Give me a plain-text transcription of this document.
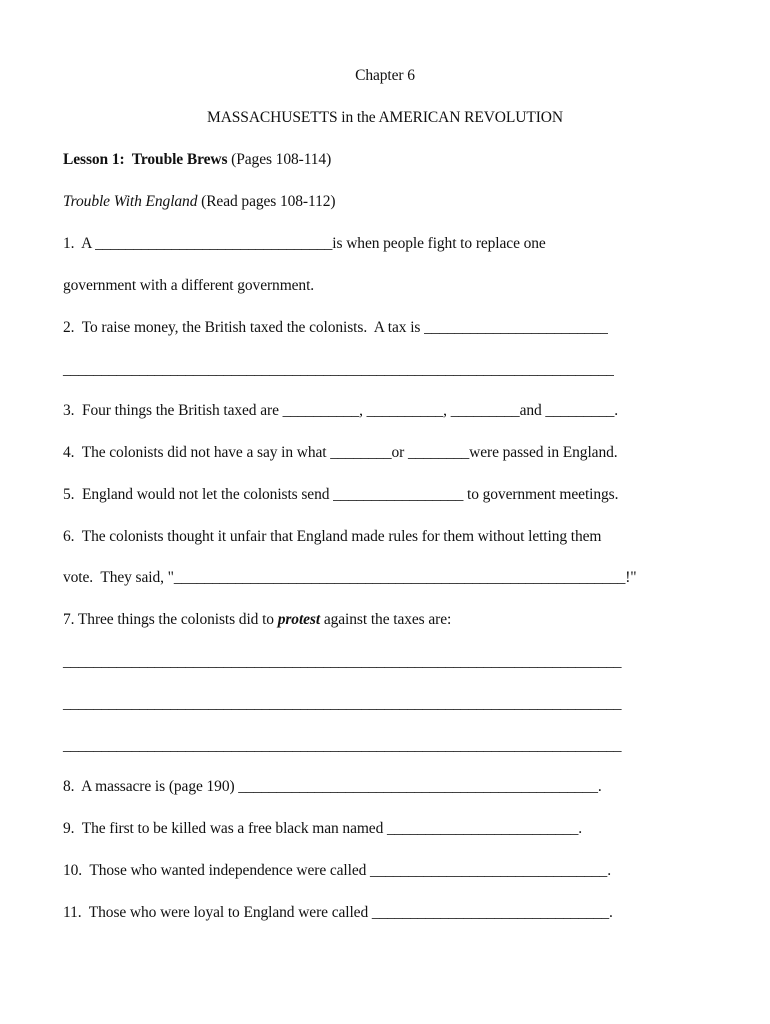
Chapter 6
MASSACHUSETTS in the AMERICAN REVOLUTION
Lesson 1:  Trouble Brews (Pages 108-114)
Trouble With England (Read pages 108-112)
1.  A _______________________________is when people fight to replace one
government with a different government.
2.  To raise money, the British taxed the colonists.  A tax is ________________________
________________________________________________________________________
3.  Four things the British taxed are __________, __________, _________and _________.
4.  The colonists did not have a say in what ________or ________were passed in England.
5.  England would not let the colonists send _________________ to government meetings.
6.  The colonists thought it unfair that England made rules for them without letting them
vote.  They said, "___________________________________________________________!"
7. Three things the colonists did to protest against the taxes are:
_________________________________________________________________________
_________________________________________________________________________
_________________________________________________________________________
8.  A massacre is (page 190) _______________________________________________.
9.  The first to be killed was a free black man named _________________________.
10.  Those who wanted independence were called _______________________________.
11.  Those who were loyal to England were called _______________________________.
